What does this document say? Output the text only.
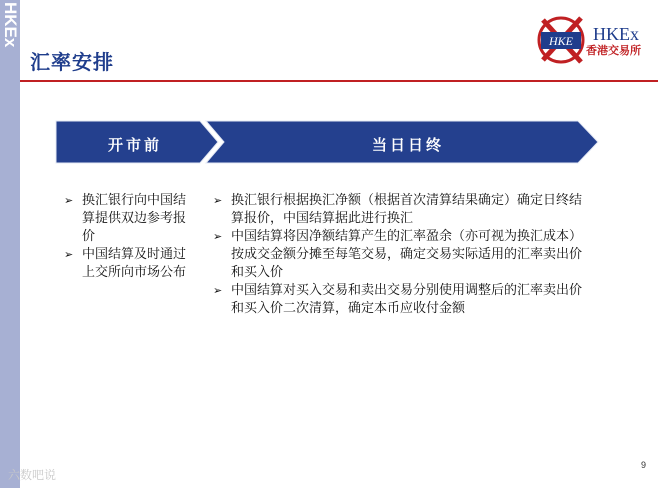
HKEx
汇率安排
HKE HKEx
香港交易所
开市前	当日日终
➢ 换汇银行向中国结算提供双边参考报价
➢ 中国结算及时通过上交所向市场公布
➢ 换汇银行根据换汇净额（根据首次清算结果确定）确定日终结算报价，中国结算据此进行换汇
➢ 中国结算将因净额结算产生的汇率盈余（亦可视为换汇成本）按成交金额分摊至每笔交易，确定交易实际适用的汇率卖出价和买入价
➢ 中国结算对买入交易和卖出交易分别使用调整后的汇率卖出价和买入价二次清算，确定本币应收付金额
9
六数吧说
